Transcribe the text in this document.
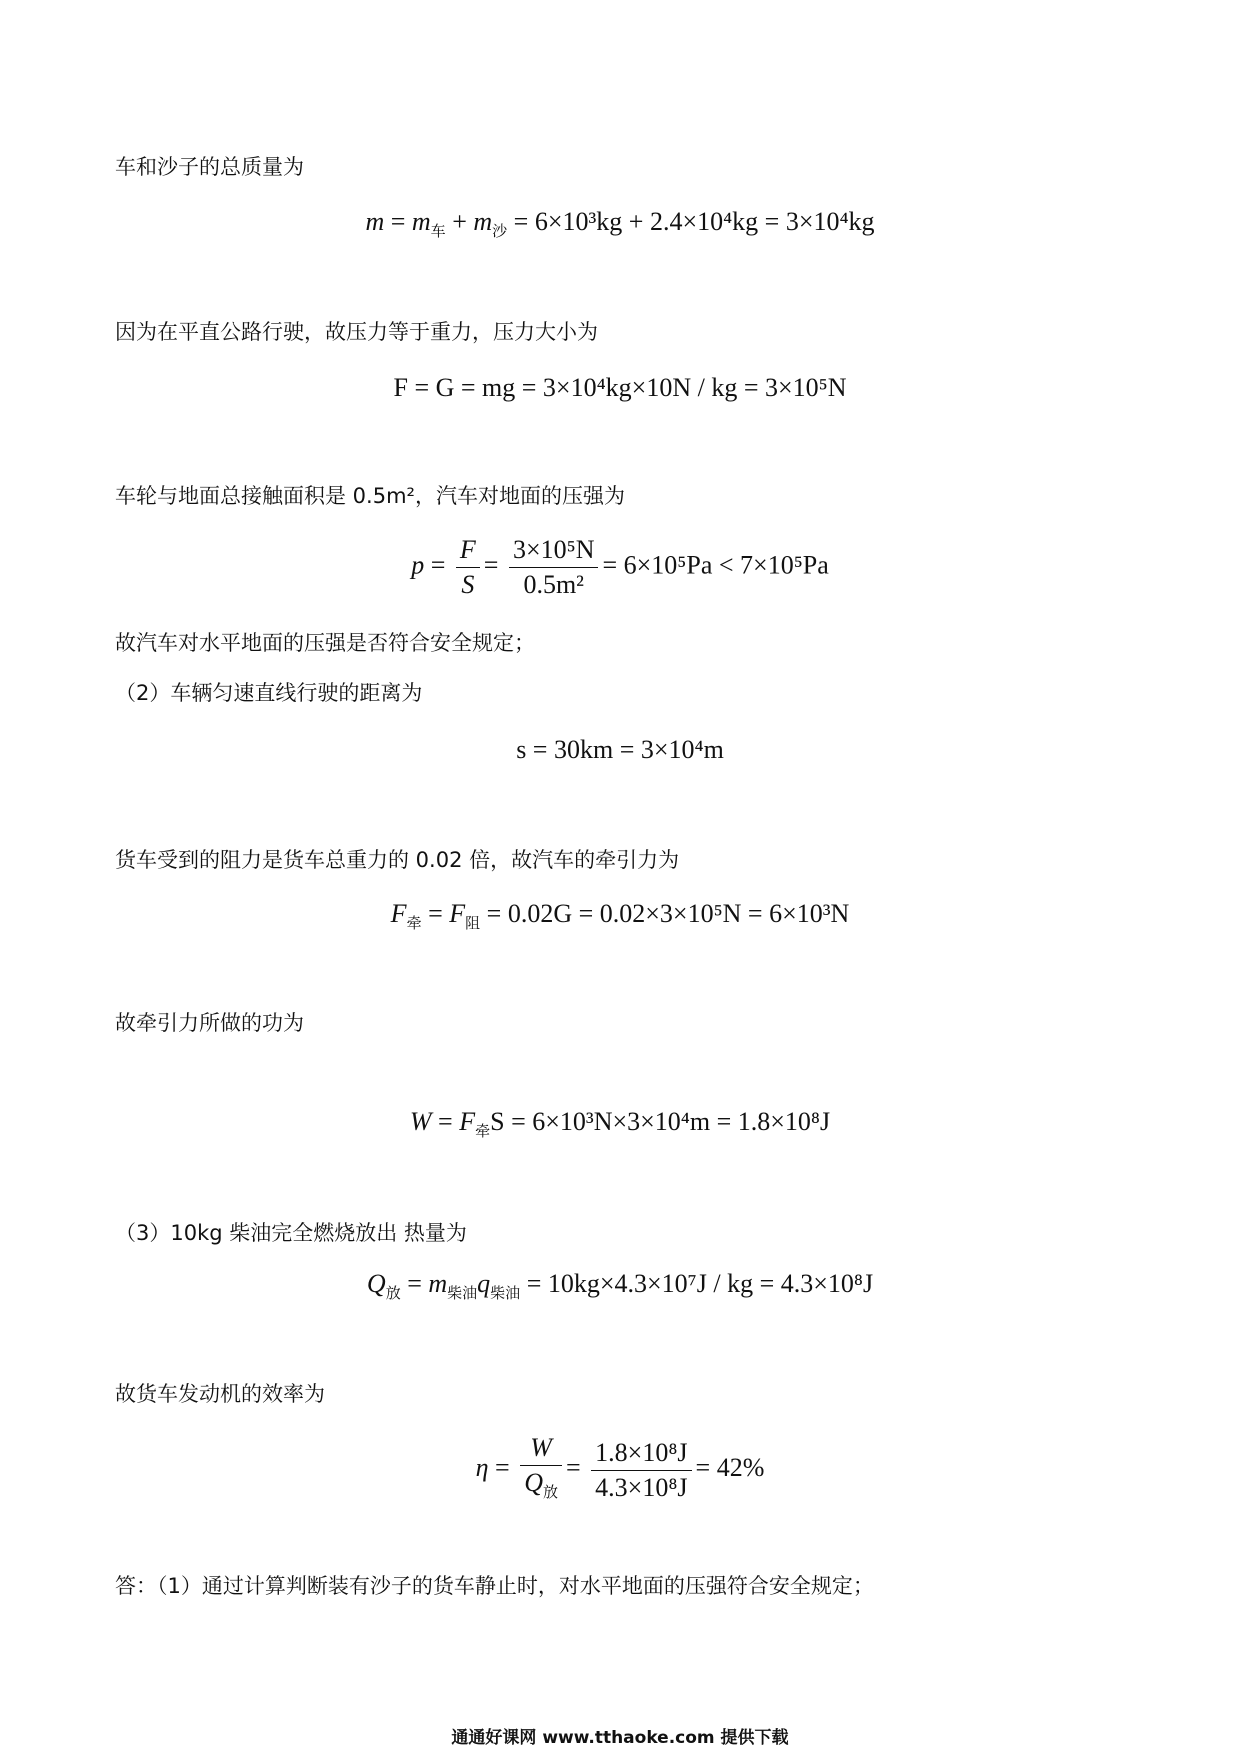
车和沙子的总质量为
$m = m_车 + m_沙 = 6\times 10^3kg + 2.4\times 10^4kg = 3\times 10^4kg$
因为在平直公路行驶，故压力等于重力，压力大小为
F = G = mg = 3×10⁴kg×10N / kg = 3×10⁵N
车轮与地面总接触面积是 0.5m²，汽车对地面的压强为
$p = \frac{F}{S} = \frac{\text{3×10⁵N}}{\text{0.5m²}} = 6\times 10^5Pa < 7\times 10^5Pa$
故汽车对水平地面的压强是否符合安全规定；
（2）车辆匀速直线行驶的距离为
s = 30km = 3×10⁴m
货车受到的阻力是货车总重力的 0.02 倍，故汽车的牵引力为
$F_牵 = F_阻 = 0.02G = 0.02\times 3\times 10^5N = 6\times 10^3N$
故牵引力所做的功为
$W = F_牵S = 6\times 10^3N\times 3\times 10^4m = 1.8\times 10^8J$
（3）10kg 柴油完全燃烧放出 热量为
$Q_放 = m_{柴油}q_{柴油} = 10kg\times 4.3\times 10^7J$ / kg = 4.3×10⁸J
故货车发动机的效率为
$\eta = \frac{W}{Q_放} = \frac{\text{1.8×10⁸J}}{\text{4.3×10⁸J}} = 42\%$
答：（1）通过计算判断装有沙子的货车静止时，对水平地面的压强符合安全规定；
通通好课网 www.tthaoke.com 提供下载
